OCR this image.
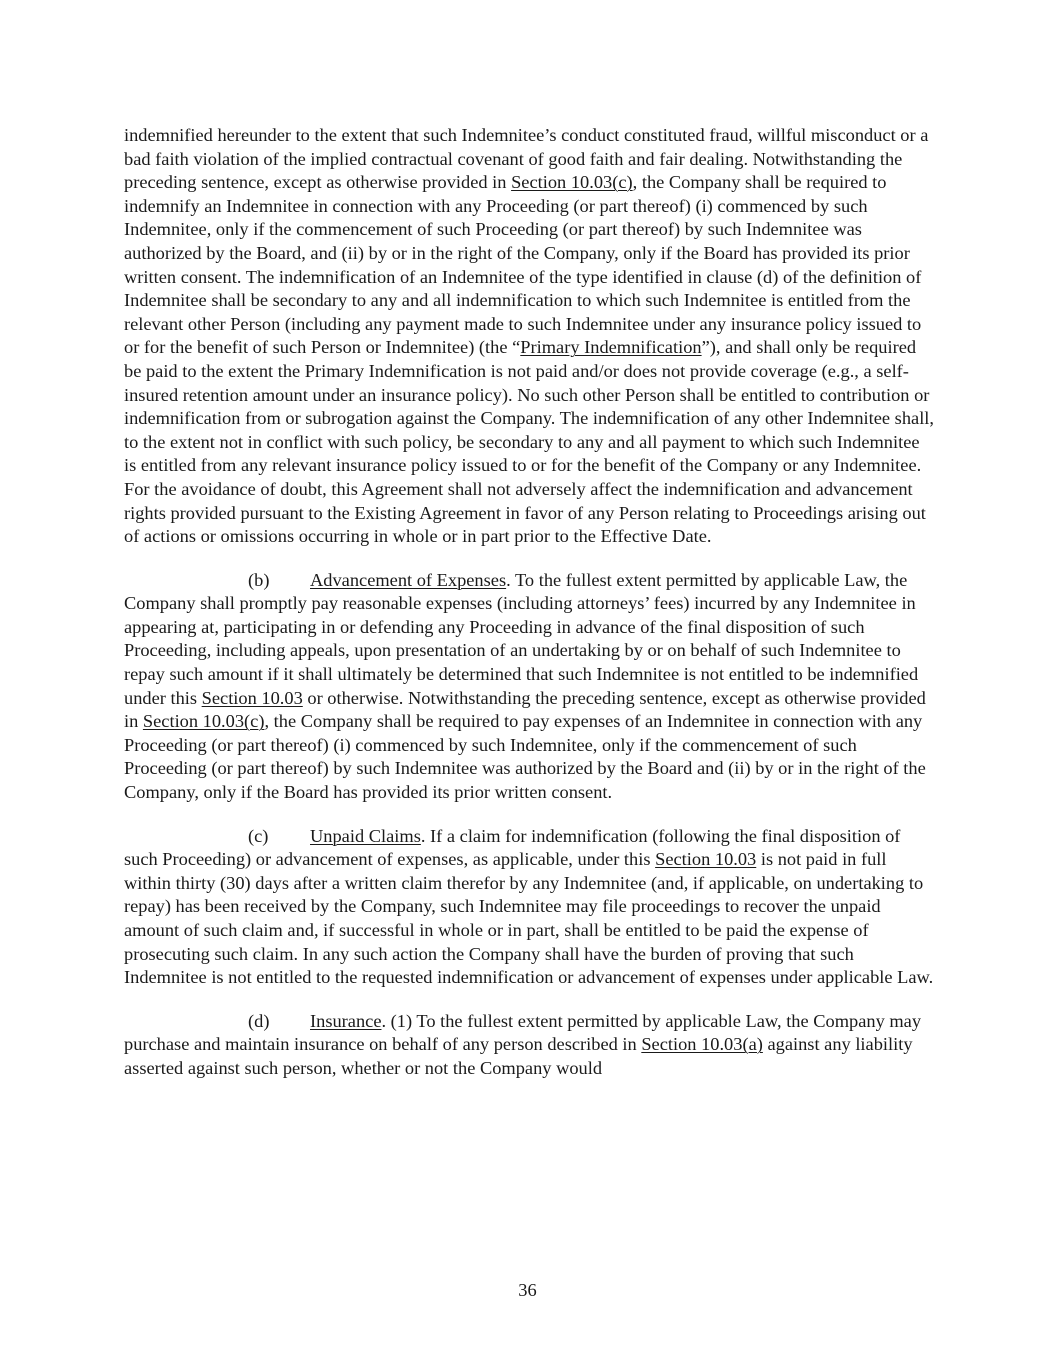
indemnified hereunder to the extent that such Indemnitee’s conduct constituted fraud, willful misconduct or a bad faith violation of the implied contractual covenant of good faith and fair dealing. Notwithstanding the preceding sentence, except as otherwise provided in Section 10.03(c), the Company shall be required to indemnify an Indemnitee in connection with any Proceeding (or part thereof) (i) commenced by such Indemnitee, only if the commencement of such Proceeding (or part thereof) by such Indemnitee was authorized by the Board, and (ii) by or in the right of the Company, only if the Board has provided its prior written consent. The indemnification of an Indemnitee of the type identified in clause (d) of the definition of Indemnitee shall be secondary to any and all indemnification to which such Indemnitee is entitled from the relevant other Person (including any payment made to such Indemnitee under any insurance policy issued to or for the benefit of such Person or Indemnitee) (the “Primary Indemnification”), and shall only be required be paid to the extent the Primary Indemnification is not paid and/or does not provide coverage (e.g., a self-insured retention amount under an insurance policy). No such other Person shall be entitled to contribution or indemnification from or subrogation against the Company. The indemnification of any other Indemnitee shall, to the extent not in conflict with such policy, be secondary to any and all payment to which such Indemnitee is entitled from any relevant insurance policy issued to or for the benefit of the Company or any Indemnitee. For the avoidance of doubt, this Agreement shall not adversely affect the indemnification and advancement rights provided pursuant to the Existing Agreement in favor of any Person relating to Proceedings arising out of actions or omissions occurring in whole or in part prior to the Effective Date.

(b) Advancement of Expenses. To the fullest extent permitted by applicable Law, the Company shall promptly pay reasonable expenses (including attorneys’ fees) incurred by any Indemnitee in appearing at, participating in or defending any Proceeding in advance of the final disposition of such Proceeding, including appeals, upon presentation of an undertaking by or on behalf of such Indemnitee to repay such amount if it shall ultimately be determined that such Indemnitee is not entitled to be indemnified under this Section 10.03 or otherwise. Notwithstanding the preceding sentence, except as otherwise provided in Section 10.03(c), the Company shall be required to pay expenses of an Indemnitee in connection with any Proceeding (or part thereof) (i) commenced by such Indemnitee, only if the commencement of such Proceeding (or part thereof) by such Indemnitee was authorized by the Board and (ii) by or in the right of the Company, only if the Board has provided its prior written consent.

(c) Unpaid Claims. If a claim for indemnification (following the final disposition of such Proceeding) or advancement of expenses, as applicable, under this Section 10.03 is not paid in full within thirty (30) days after a written claim therefor by any Indemnitee (and, if applicable, on undertaking to repay) has been received by the Company, such Indemnitee may file proceedings to recover the unpaid amount of such claim and, if successful in whole or in part, shall be entitled to be paid the expense of prosecuting such claim. In any such action the Company shall have the burden of proving that such Indemnitee is not entitled to the requested indemnification or advancement of expenses under applicable Law.

(d) Insurance. (1) To the fullest extent permitted by applicable Law, the Company may purchase and maintain insurance on behalf of any person described in Section 10.03(a) against any liability asserted against such person, whether or not the Company would

36
